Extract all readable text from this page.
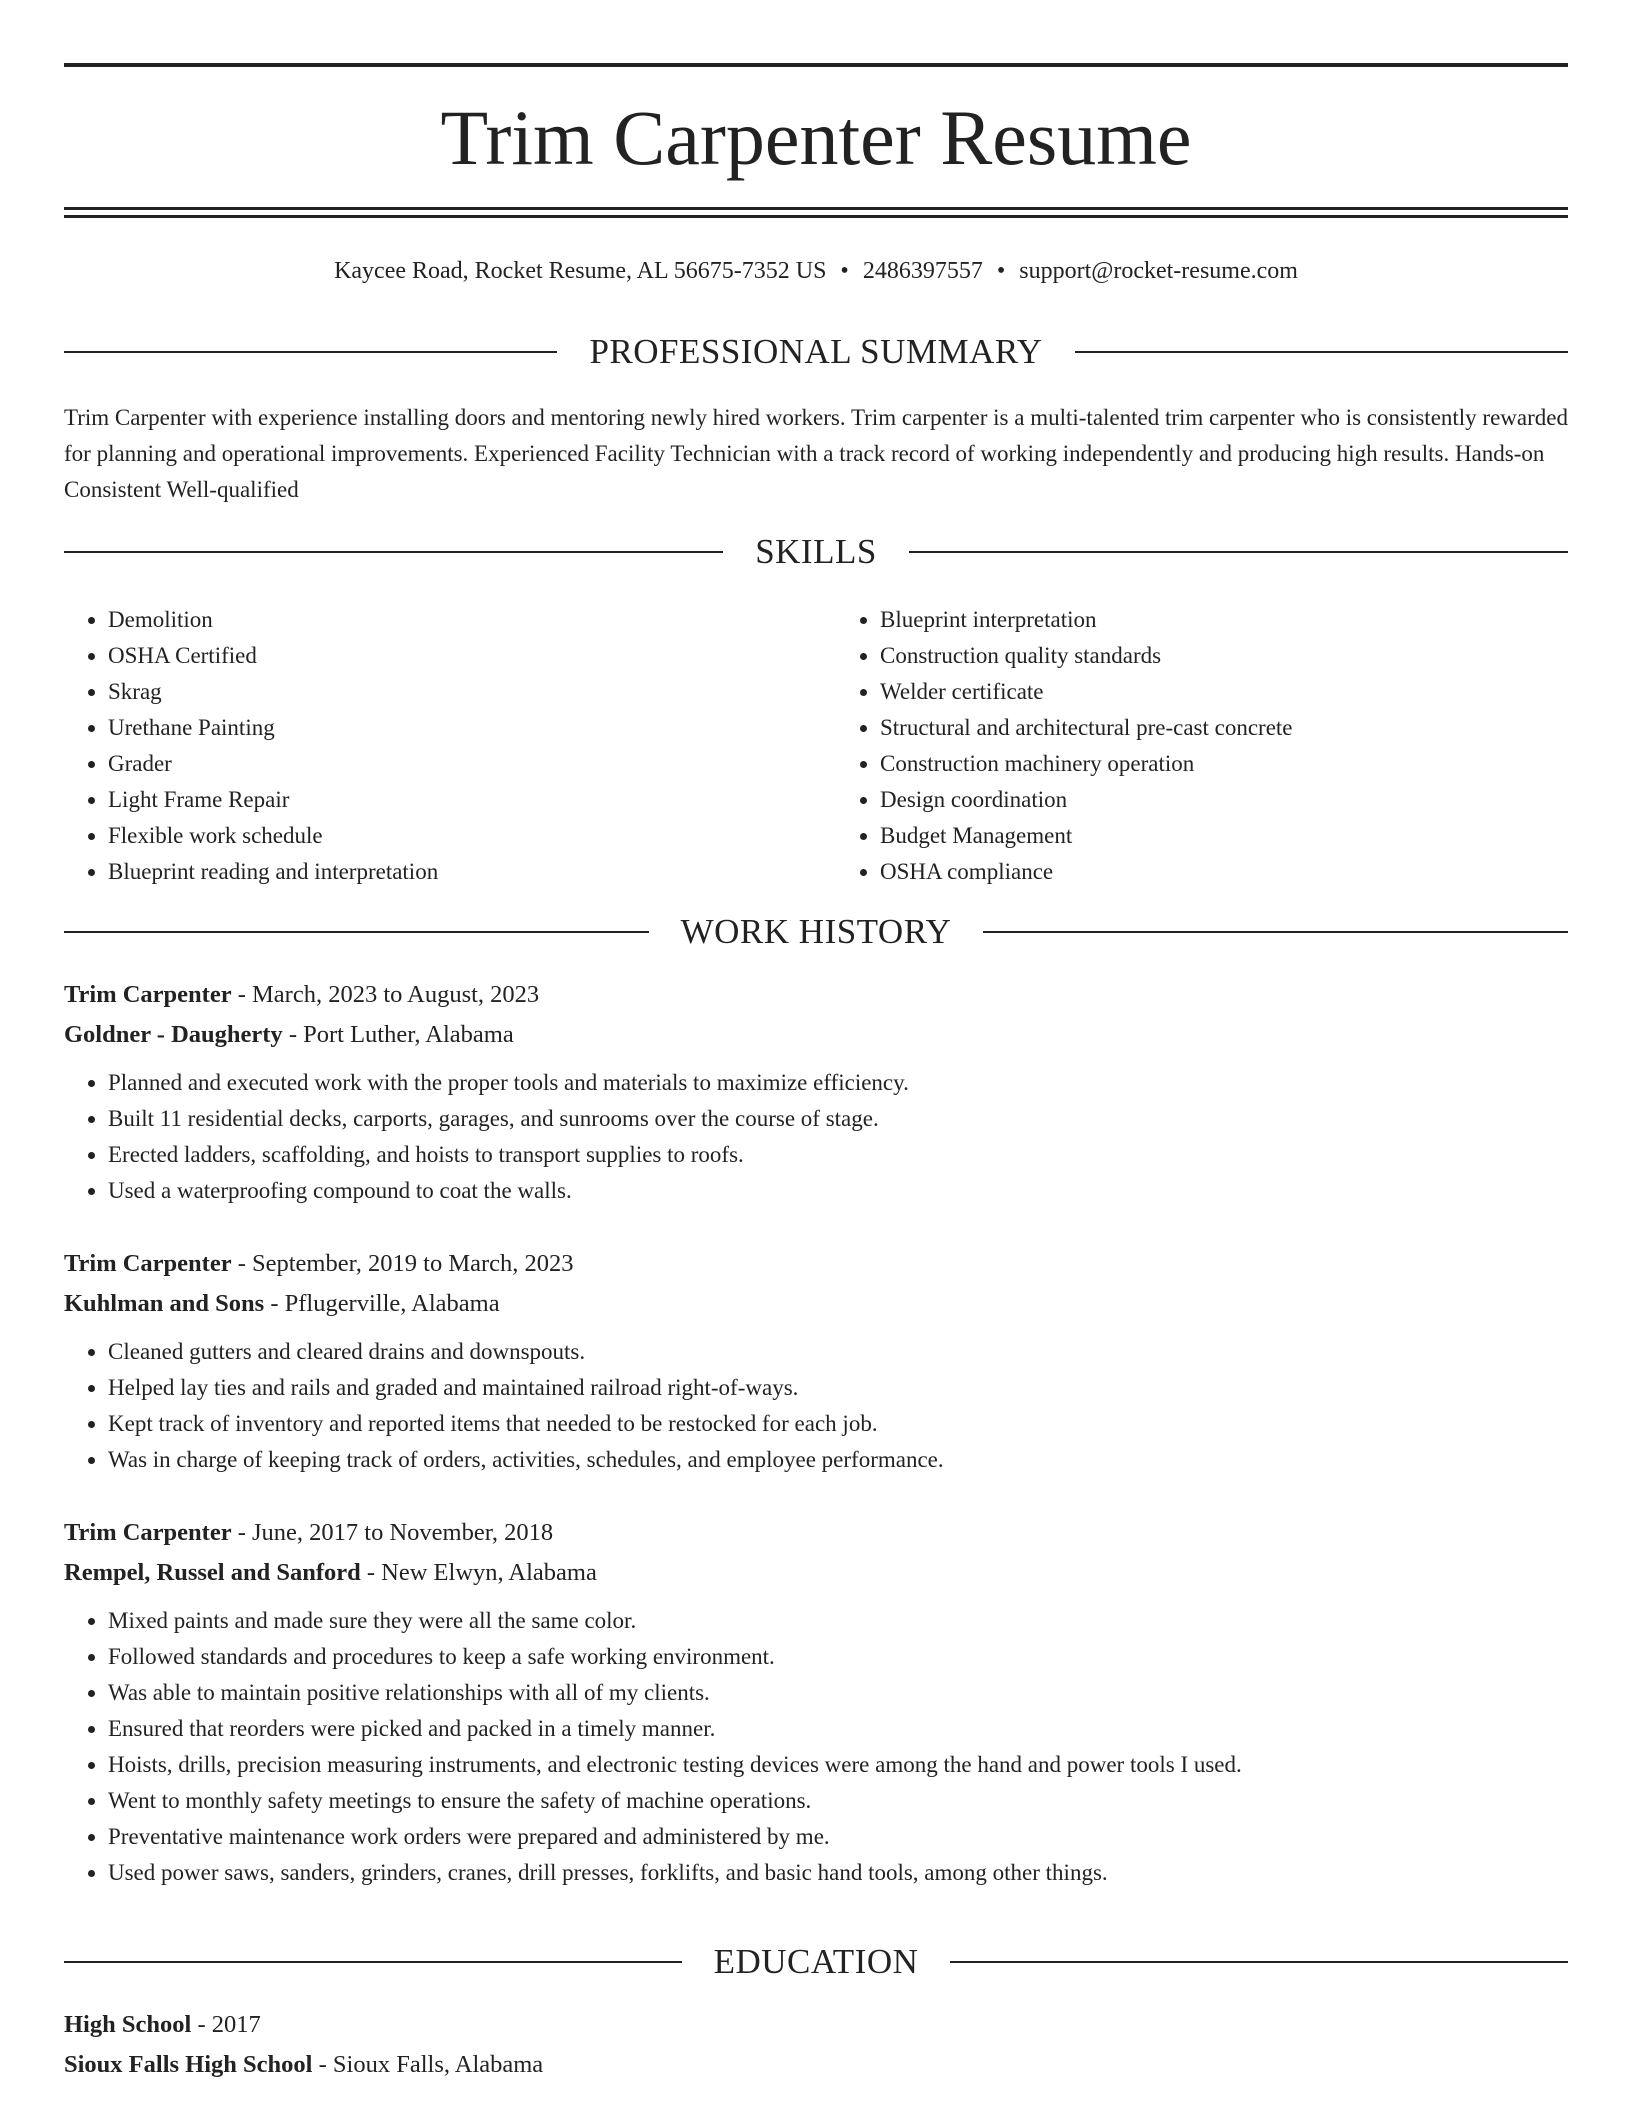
Trim Carpenter Resume
Kaycee Road, Rocket Resume, AL 56675-7352 US • 2486397557 • support@rocket-resume.com
PROFESSIONAL SUMMARY

Trim Carpenter with experience installing doors and mentoring newly hired workers. Trim carpenter is a multi-talented trim carpenter who is consistently rewarded for planning and operational improvements. Experienced Facility Technician with a track record of working independently and producing high results. Hands-on Consistent Well-qualified

SKILLS
• Demolition
• OSHA Certified
• Skrag
• Urethane Painting
• Grader
• Light Frame Repair
• Flexible work schedule
• Blueprint reading and interpretation
• Blueprint interpretation
• Construction quality standards
• Welder certificate
• Structural and architectural pre-cast concrete
• Construction machinery operation
• Design coordination
• Budget Management
• OSHA compliance
WORK HISTORY
Trim Carpenter - March, 2023 to August, 2023
Goldner - Daugherty - Port Luther, Alabama
• Planned and executed work with the proper tools and materials to maximize efficiency.
• Built 11 residential decks, carports, garages, and sunrooms over the course of stage.
• Erected ladders, scaffolding, and hoists to transport supplies to roofs.
• Used a waterproofing compound to coat the walls.
Trim Carpenter - September, 2019 to March, 2023
Kuhlman and Sons - Pflugerville, Alabama
• Cleaned gutters and cleared drains and downspouts.
• Helped lay ties and rails and graded and maintained railroad right-of-ways.
• Kept track of inventory and reported items that needed to be restocked for each job.
• Was in charge of keeping track of orders, activities, schedules, and employee performance.
Trim Carpenter - June, 2017 to November, 2018
Rempel, Russel and Sanford - New Elwyn, Alabama
• Mixed paints and made sure they were all the same color.
• Followed standards and procedures to keep a safe working environment.
• Was able to maintain positive relationships with all of my clients.
• Ensured that reorders were picked and packed in a timely manner.
• Hoists, drills, precision measuring instruments, and electronic testing devices were among the hand and power tools I used.
• Went to monthly safety meetings to ensure the safety of machine operations.
• Preventative maintenance work orders were prepared and administered by me.
• Used power saws, sanders, grinders, cranes, drill presses, forklifts, and basic hand tools, among other things.
EDUCATION
High School - 2017
Sioux Falls High School - Sioux Falls, Alabama
